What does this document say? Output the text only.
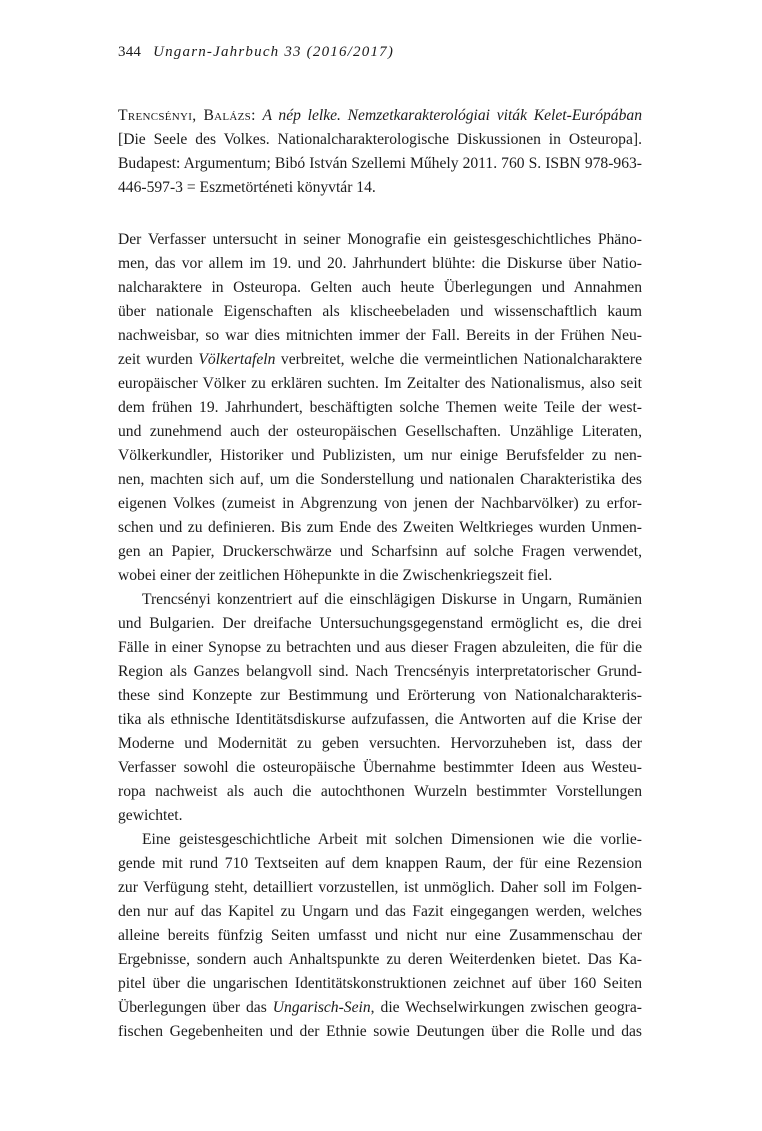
344 Ungarn-Jahrbuch 33 (2016/2017)
Trencsényi, Balázs: A nép lelke. Nemzetkarakterológiai viták Kelet-Európában
[Die Seele des Volkes. Nationalcharakterologische Diskussionen in Osteuropa].
Budapest: Argumentum; Bibó István Szellemi Műhely 2011. 760 S. ISBN 978-963-
446-597-3 = Eszmetörténeti könyvtár 14.

Der Verfasser untersucht in seiner Monografie ein geistesgeschichtliches Phäno-
men, das vor allem im 19. und 20. Jahrhundert blühte: die Diskurse über Natio-
nalcharaktere in Osteuropa. Gelten auch heute Überlegungen und Annahmen
über nationale Eigenschaften als klischeebeladen und wissenschaftlich kaum
nachweisbar, so war dies mitnichten immer der Fall. Bereits in der Frühen Neu-
zeit wurden Völkertafeln verbreitet, welche die vermeintlichen Nationalcharaktere
europäischer Völker zu erklären suchten. Im Zeitalter des Nationalismus, also seit
dem frühen 19. Jahrhundert, beschäftigten solche Themen weite Teile der west-
und zunehmend auch der osteuropäischen Gesellschaften. Unzählige Literaten,
Völkerkundler, Historiker und Publizisten, um nur einige Berufsfelder zu nen-
nen, machten sich auf, um die Sonderstellung und nationalen Charakteristika des
eigenen Volkes (zumeist in Abgrenzung von jenen der Nachbarvölker) zu erfor-
schen und zu definieren. Bis zum Ende des Zweiten Weltkrieges wurden Unmen-
gen an Papier, Druckerschwärze und Scharfsinn auf solche Fragen verwendet,
wobei einer der zeitlichen Höhepunkte in die Zwischenkriegszeit fiel.

Trencsényi konzentriert auf die einschlägigen Diskurse in Ungarn, Rumänien
und Bulgarien. Der dreifache Untersuchungsgegenstand ermöglicht es, die drei
Fälle in einer Synopse zu betrachten und aus dieser Fragen abzuleiten, die für die
Region als Ganzes belangvoll sind. Nach Trencsényis interpretatorischer Grund-
these sind Konzepte zur Bestimmung und Erörterung von Nationalcharakteris-
tika als ethnische Identitätsdiskurse aufzufassen, die Antworten auf die Krise der
Moderne und Modernität zu geben versuchten. Hervorzuheben ist, dass der
Verfasser sowohl die osteuropäische Übernahme bestimmter Ideen aus Westeu-
ropa nachweist als auch die autochthonen Wurzeln bestimmter Vorstellungen
gewichtet.

Eine geistesgeschichtliche Arbeit mit solchen Dimensionen wie die vorlie-
gende mit rund 710 Textseiten auf dem knappen Raum, der für eine Rezension
zur Verfügung steht, detailliert vorzustellen, ist unmöglich. Daher soll im Folgen-
den nur auf das Kapitel zu Ungarn und das Fazit eingegangen werden, welches
alleine bereits fünfzig Seiten umfasst und nicht nur eine Zusammenschau der
Ergebnisse, sondern auch Anhaltspunkte zu deren Weiterdenken bietet. Das Ka-
pitel über die ungarischen Identitätskonstruktionen zeichnet auf über 160 Seiten
Überlegungen über das Ungarisch-Sein, die Wechselwirkungen zwischen geogra-
fischen Gegebenheiten und der Ethnie sowie Deutungen über die Rolle und das
